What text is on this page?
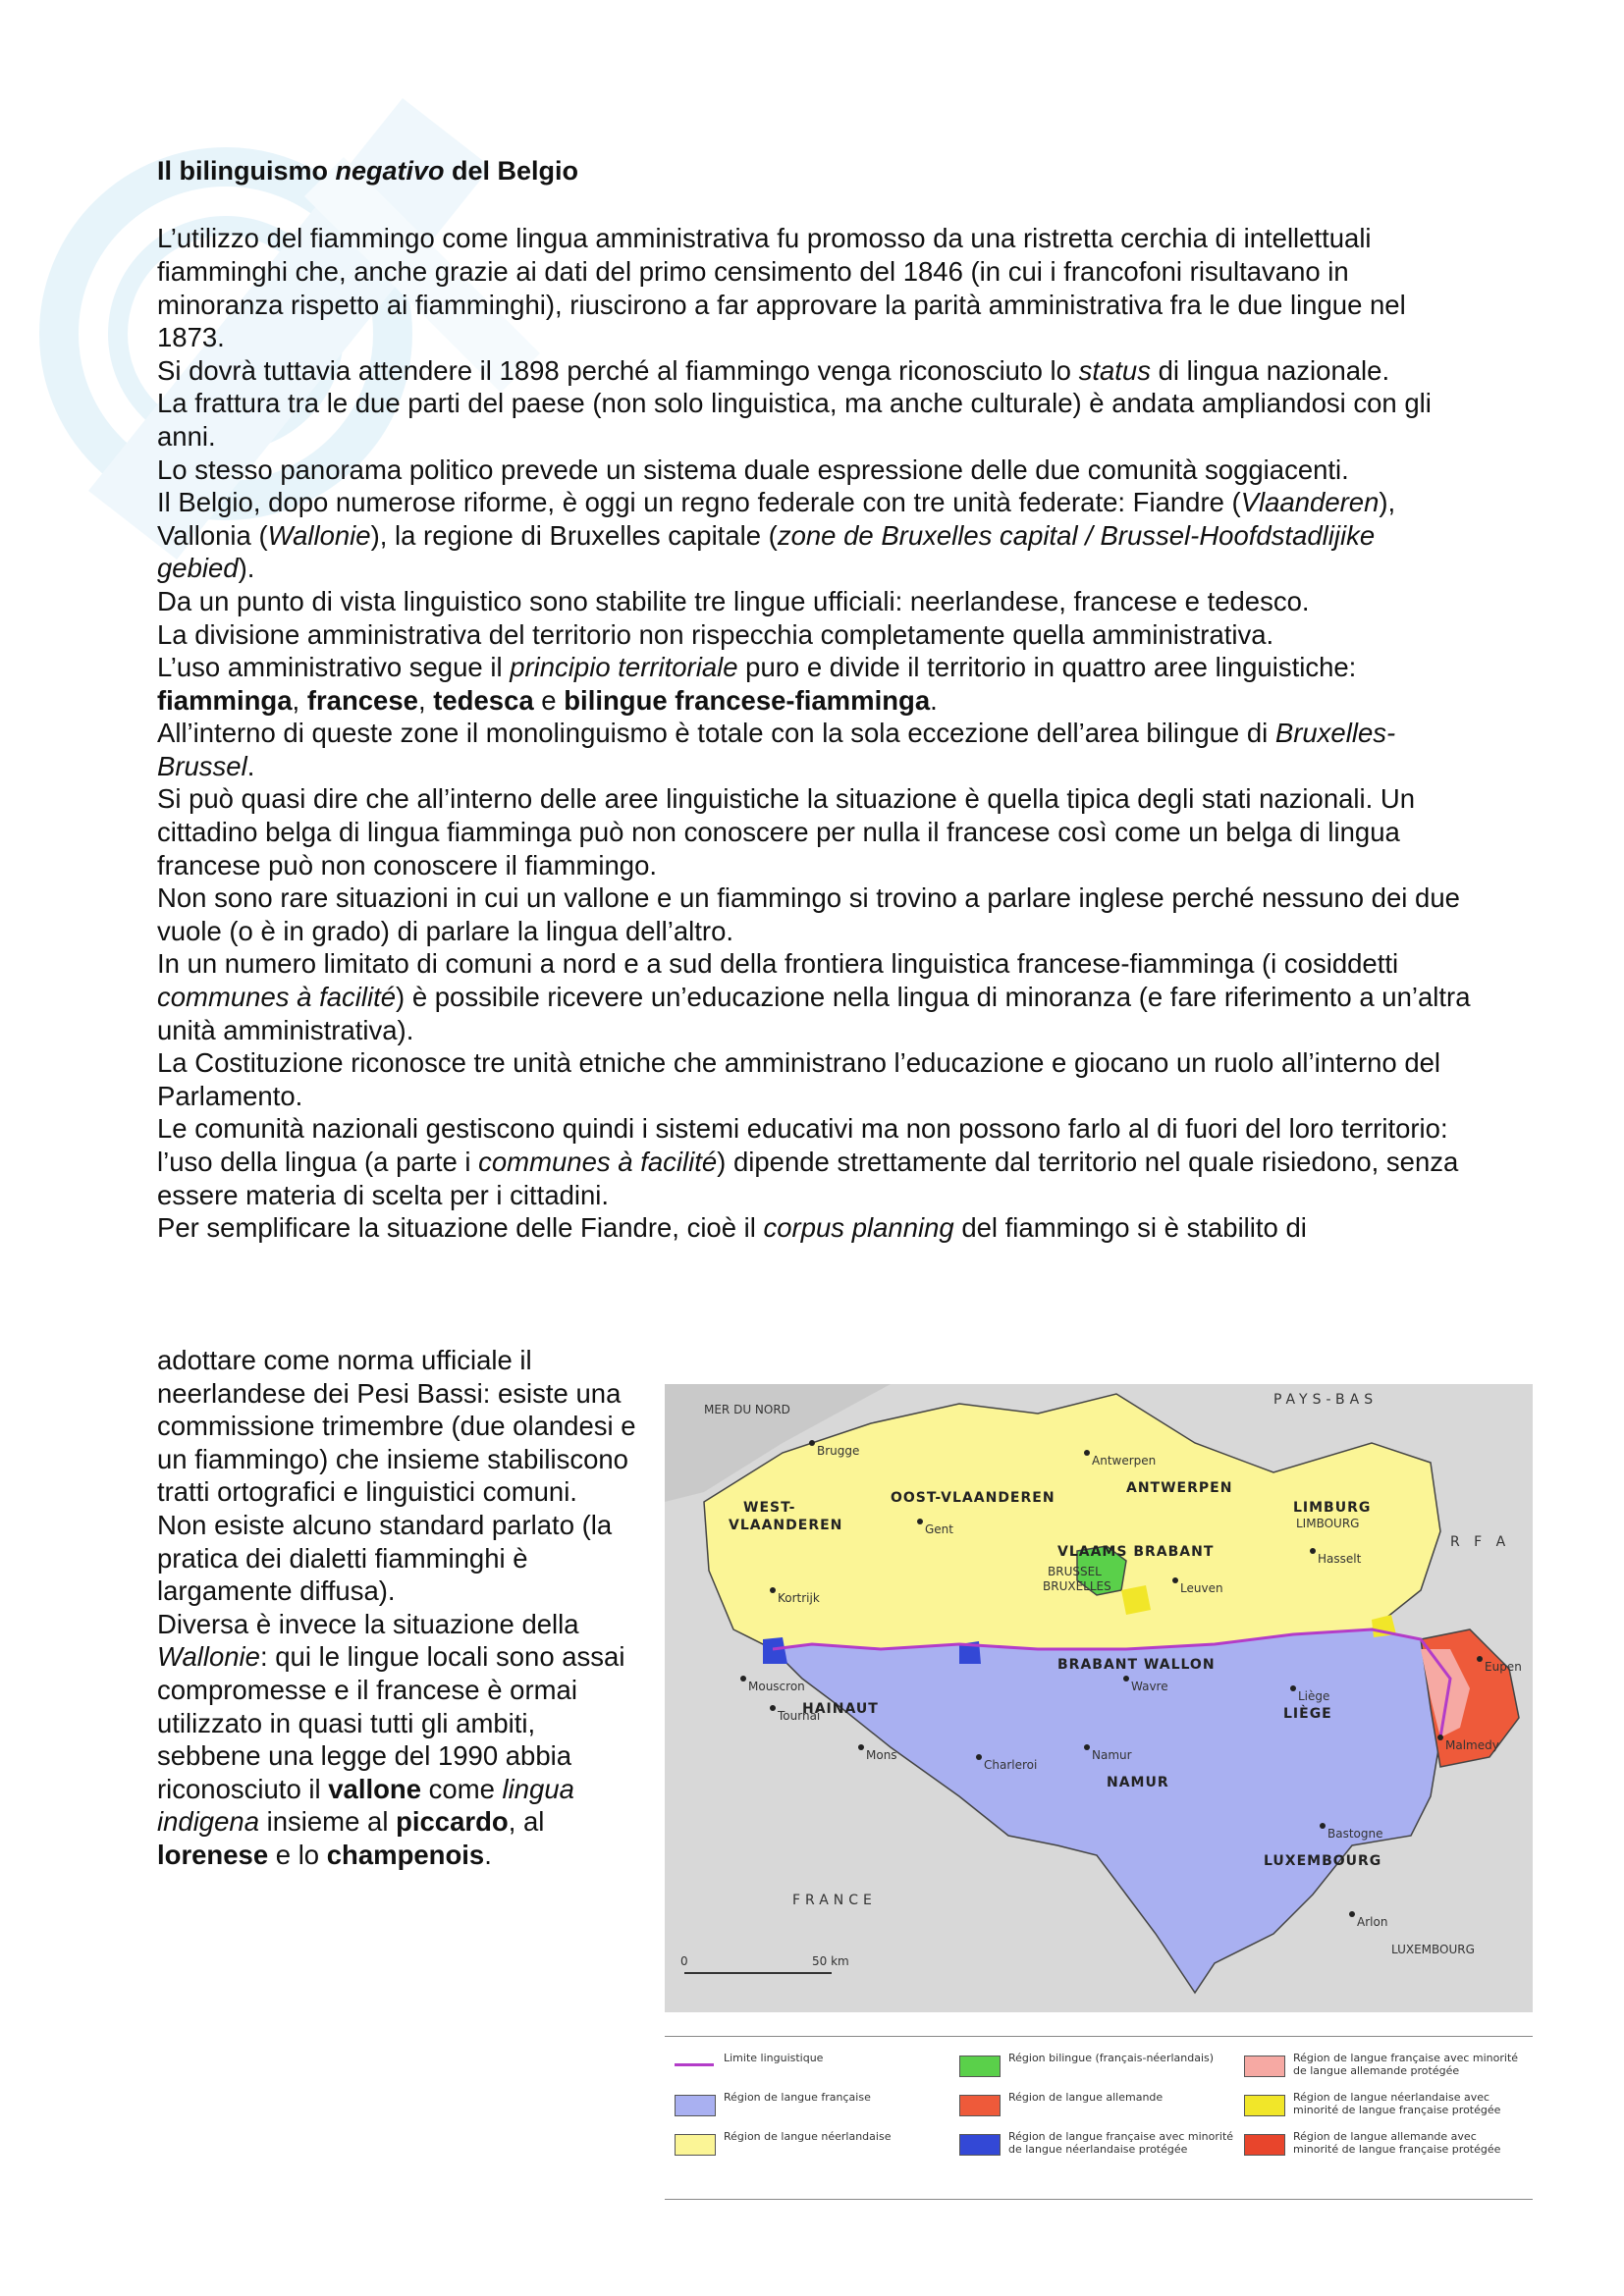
Il bilinguismo negativo del Belgio

L’utilizzo del fiammingo come lingua amministrativa fu promosso da una ristretta cerchia di intellettuali fiamminghi che, anche grazie ai dati del primo censimento del 1846 (in cui i francofoni risultavano in minoranza rispetto ai fiamminghi), riuscirono a far approvare la parità amministrativa fra le due lingue nel 1873.

Si dovrà tuttavia attendere il 1898 perché al fiammingo venga riconosciuto lo status di lingua nazionale.

La frattura tra le due parti del paese (non solo linguistica, ma anche culturale) è andata ampliandosi con gli anni.

Lo stesso panorama politico prevede un sistema duale espressione delle due comunità soggiacenti.

Il Belgio, dopo numerose riforme, è oggi un regno federale con tre unità federate: Fiandre (Vlaanderen), Vallonia (Wallonie), la regione di Bruxelles capitale (zone de Bruxelles capital / Brussel-Hoofdstadlijike gebied).

Da un punto di vista linguistico sono stabilite tre lingue ufficiali: neerlandese, francese e tedesco.

La divisione amministrativa del territorio non rispecchia completamente quella amministrativa.

L’uso amministrativo segue il principio territoriale puro e divide il territorio in quattro aree linguistiche: fiamminga, francese, tedesca e bilingue francese-fiamminga.

All’interno di queste zone il monolinguismo è totale con la sola eccezione dell’area bilingue di Bruxelles-Brussel.

Si può quasi dire che all’interno delle aree linguistiche la situazione è quella tipica degli stati nazionali. Un cittadino belga di lingua fiamminga può non conoscere per nulla il francese così come un belga di lingua francese può non conoscere il fiammingo.

Non sono rare situazioni in cui un vallone e un fiammingo si trovino a parlare inglese perché nessuno dei due vuole (o è in grado) di parlare la lingua dell’altro.

In un numero limitato di comuni a nord e a sud della frontiera linguistica francese-fiamminga (i cosiddetti communes à facilité) è possibile ricevere un’educazione nella lingua di minoranza (e fare riferimento a un’altra unità amministrativa).

La Costituzione riconosce tre unità etniche che amministrano l’educazione e giocano un ruolo all’interno del Parlamento.

Le comunità nazionali gestiscono quindi i sistemi educativi ma non possono farlo al di fuori del loro territorio: l’uso della lingua (a parte i communes à facilité) dipende strettamente dal territorio nel quale risiedono, senza essere materia di scelta per i cittadini.

Per semplificare la situazione delle Fiandre, cioè il corpus planning del fiammingo si è stabilito di

adottare come norma ufficiale il neerlandese dei Pesi Bassi: esiste una commissione trimembre (due olandesi e un fiammingo) che insieme stabiliscono tratti ortografici e linguistici comuni.

Non esiste alcuno standard parlato (la pratica dei dialetti fiamminghi è largamente diffusa).

Diversa è invece la situazione della Wallonie: qui le lingue locali sono assai compromesse e il francese è ormai utilizzato in quasi tutti gli ambiti, sebbene una legge del 1990 abbia riconosciuto il vallone come lingua indigena insieme al piccardo, al lorenese e lo champenois.

PAYS-BAS
MER DU NORD
R F A
FRANCE
LUXEMBOURG
WEST-
VLAANDEREN
OOST-VLAANDEREN
ANTWERPEN
LIMBURG
LIMBOURG
VLAAMS BRABANT
BRABANT WALLON
HAINAUT	LIÈGE
NAMUR
LUXEMBOURG
BRUSSEL
BRUXELLES
0	50 km
Brugge
Gent
Antwerpen
Hasselt
Leuven
Mons
Charleroi
Namur
Liège
Arlon
Eupen
Malmedy
Kortrijk
Mouscron
Tournai
Wavre
Bastogne
Limite linguistique
Région de langue française
Région de langue néerlandaise
Région bilingue (français-néerlandais)
Région de langue allemande
Région de langue française avec minorité de langue néerlandaise protégée
Région de langue française avec minorité de langue allemande protégée
Région de langue néerlandaise avec minorité de langue française protégée
Région de langue allemande avec minorité de langue française protégée
